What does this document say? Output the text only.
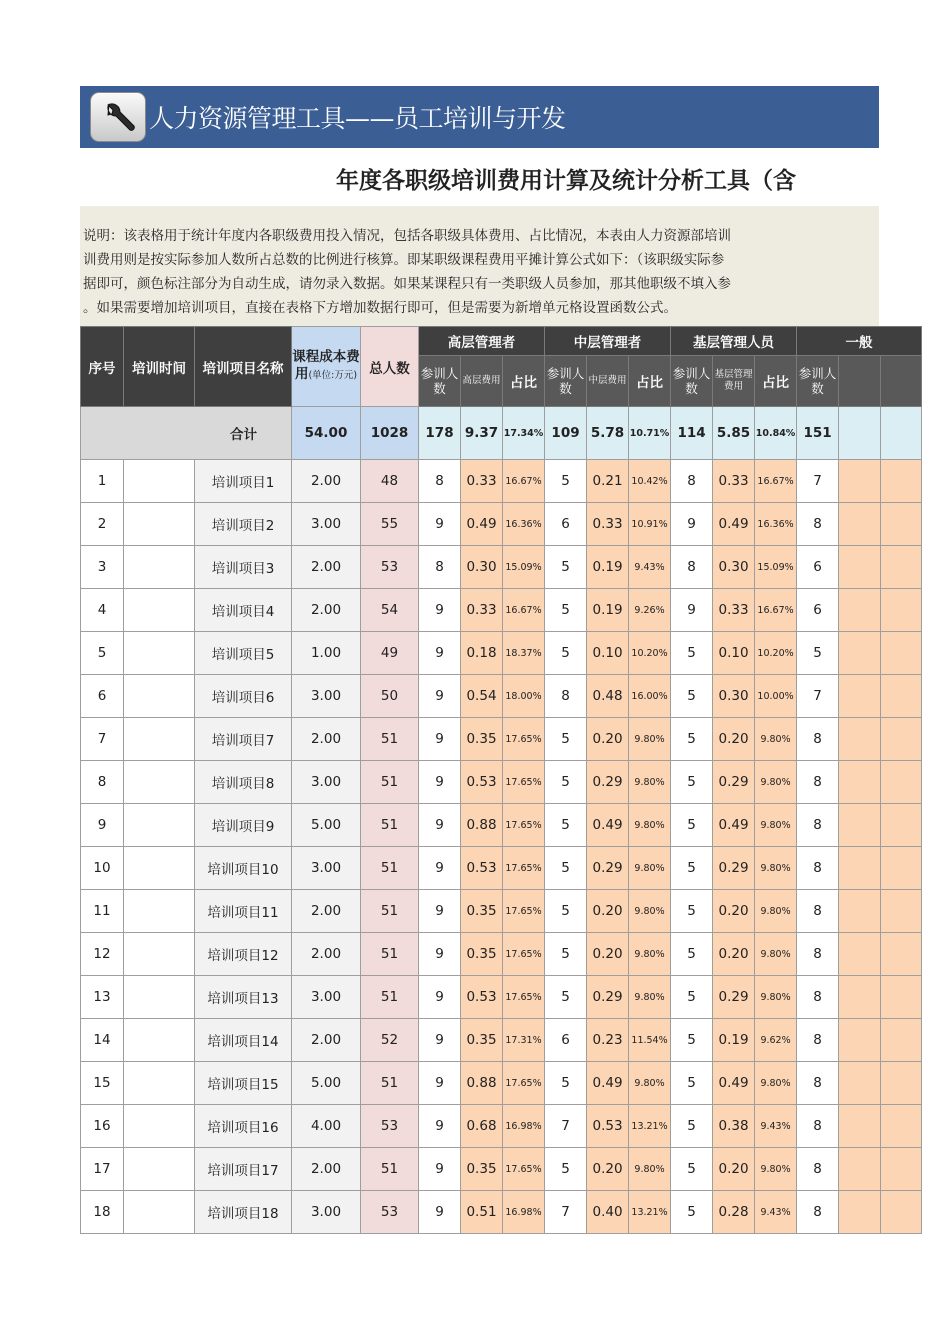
人力资源管理工具——员工培训与开发
年度各职级培训费用计算及统计分析工具（含
说明：该表格用于统计年度内各职级费用投入情况，包括各职级具体费用、占比情况，本表由人力资源部培训
训费用则是按实际参加人数所占总数的比例进行核算。即某职级课程费用平摊计算公式如下：（该职级实际参
据即可，颜色标注部分为自动生成，请勿录入数据。如果某课程只有一类职级人员参加，那其他职级不填入参
。如果需要增加培训项目，直接在表格下方增加数据行即可，但是需要为新增单元格设置函数公式。
序号	培训时间	培训项目名称	课程成本费用(单位:万元)	总人数	高层管理者			中层管理者			基层管理人员			一般		
					参训人数	高层费用	占比	参训人数	中层费用	占比	参训人数	基层管理费用	占比	参训人数		
合计			54.00	1028	178	9.37	17.34%	109	5.78	10.71%	114	5.85	10.84%	151		
1		培训项目1	2.00	48	8	0.33	16.67%	5	0.21	10.42%	8	0.33	16.67%	7		
2		培训项目2	3.00	55	9	0.49	16.36%	6	0.33	10.91%	9	0.49	16.36%	8		
3		培训项目3	2.00	53	8	0.30	15.09%	5	0.19	9.43%	8	0.30	15.09%	6		
4		培训项目4	2.00	54	9	0.33	16.67%	5	0.19	9.26%	9	0.33	16.67%	6		
5		培训项目5	1.00	49	9	0.18	18.37%	5	0.10	10.20%	5	0.10	10.20%	5		
6		培训项目6	3.00	50	9	0.54	18.00%	8	0.48	16.00%	5	0.30	10.00%	7		
7		培训项目7	2.00	51	9	0.35	17.65%	5	0.20	9.80%	5	0.20	9.80%	8		
8		培训项目8	3.00	51	9	0.53	17.65%	5	0.29	9.80%	5	0.29	9.80%	8		
9		培训项目9	5.00	51	9	0.88	17.65%	5	0.49	9.80%	5	0.49	9.80%	8		
10		培训项目10	3.00	51	9	0.53	17.65%	5	0.29	9.80%	5	0.29	9.80%	8		
11		培训项目11	2.00	51	9	0.35	17.65%	5	0.20	9.80%	5	0.20	9.80%	8		
12		培训项目12	2.00	51	9	0.35	17.65%	5	0.20	9.80%	5	0.20	9.80%	8		
13		培训项目13	3.00	51	9	0.53	17.65%	5	0.29	9.80%	5	0.29	9.80%	8		
14		培训项目14	2.00	52	9	0.35	17.31%	6	0.23	11.54%	5	0.19	9.62%	8		
15		培训项目15	5.00	51	9	0.88	17.65%	5	0.49	9.80%	5	0.49	9.80%	8		
16		培训项目16	4.00	53	9	0.68	16.98%	7	0.53	13.21%	5	0.38	9.43%	8		
17		培训项目17	2.00	51	9	0.35	17.65%	5	0.20	9.80%	5	0.20	9.80%	8		
18		培训项目18	3.00	53	9	0.51	16.98%	7	0.40	13.21%	5	0.28	9.43%	8		
